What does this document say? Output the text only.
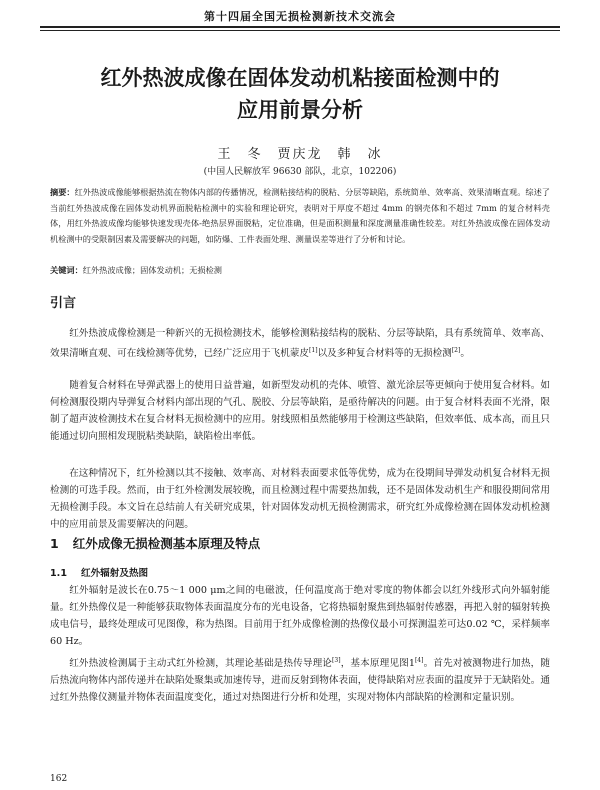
第十四届全国无损检测新技术交流会
红外热波成像在固体发动机粘接面检测中的
应用前景分析
王　冬　贾庆龙　韩　冰
(中国人民解放军 96630 部队，北京，102206)
摘要：红外热波成像能够根据热流在物体内部的传播情况，检测粘接结构的脱粘、分层等缺陷，系统简单、效率高、效果清晰直观。综述了当前红外热波成像在固体发动机界面脱粘检测中的实验和理论研究，表明对于厚度不超过 4mm 的钢壳体和不超过 7mm 的复合材料壳体，用红外热波成像均能够快速发现壳体-绝热层界面脱粘，定位准确，但是面积测量和深度测量准确性较差。对红外热波成像在固体发动机检测中的受限制因素及需要解决的问题，如防爆、工件表面处理、测量误差等进行了分析和讨论。
关键词：红外热波成像；固体发动机；无损检测
引言
红外热波成像检测是一种新兴的无损检测技术，能够检测粘接结构的脱粘、分层等缺陷，具有系统简单、效率高、效果清晰直观、可在线检测等优势，已经广泛应用于飞机蒙皮[1]以及多种复合材料等的无损检测[2]。
随着复合材料在导弹武器上的使用日益普遍，如新型发动机的壳体、喷管、激光涂层等更倾向于使用复合材料。如何检测服役期内导弹复合材料内部出现的气孔、脱胶、分层等缺陷，是亟待解决的问题。由于复合材料表面不光滑，限制了超声波检测技术在复合材料无损检测中的应用。射线照相虽然能够用于检测这些缺陷，但效率低、成本高，而且只能通过切向照相发现脱粘类缺陷，缺陷检出率低。
在这种情况下，红外检测以其不接触、效率高、对材料表面要求低等优势，成为在役期间导弹发动机复合材料无损检测的可选手段。然而，由于红外检测发展较晚，而且检测过程中需要热加载，还不是固体发动机生产和服役期间常用无损检测手段。本文旨在总结前人有关研究成果，针对固体发动机无损检测需求，研究红外成像检测在固体发动机检测中的应用前景及需要解决的问题。
1 红外成像无损检测基本原理及特点
1.1 红外辐射及热图
红外辐射是波长在0.75～1 000 μm之间的电磁波，任何温度高于绝对零度的物体都会以红外线形式向外辐射能量。红外热像仪是一种能够获取物体表面温度分布的光电设备，它将热辐射聚焦到热辐射传感器，再把入射的辐射转换成电信号，最终处理成可见图像，称为热图。目前用于红外成像检测的热像仪最小可探测温差可达0.02 ℃，采样频率60 Hz。
红外热波检测属于主动式红外检测，其理论基础是热传导理论[3]，基本原理见图1[4]。首先对被测物进行加热，随后热流向物体内部传递并在缺陷处聚集或加速传导，进而反射到物体表面，使得缺陷对应表面的温度异于无缺陷处。通过红外热像仪测量并物体表面温度变化，通过对热图进行分析和处理，实现对物体内部缺陷的检测和定量识别。
162
